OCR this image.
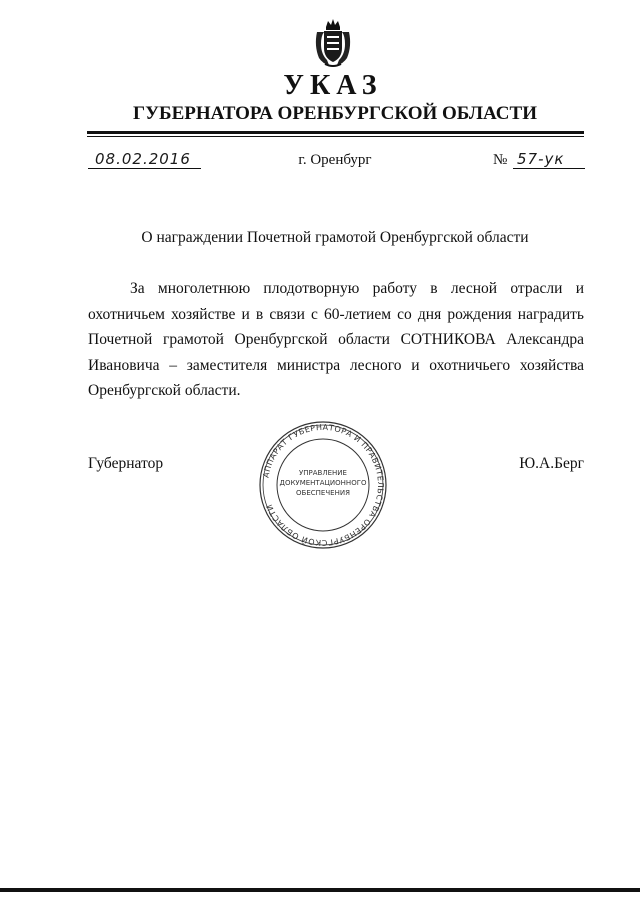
УКАЗ
ГУБЕРНАТОРА ОРЕНБУРГСКОЙ ОБЛАСТИ
08.02.2016	г. Оренбург	№ 57-ук
О награждении Почетной грамотой Оренбургской области
За многолетнюю плодотворную работу в лесной отрасли и охотничьем хозяйстве и в связи с 60-летием со дня рождения наградить Почетной грамотой Оренбургской области СОТНИКОВА Александра Ивановича – заместителя министра лесного и охотничьего хозяйства Оренбургской области.
Губернатор	Ю.А.Берг
АППАРАТ ГУБЕРНАТОРА И ПРАВИТЕЛЬСТВА ОРЕНБУРГСКОЙ ОБЛАСТИ
УПРАВЛЕНИЕ
ДОКУМЕНТАЦИОННОГО
ОБЕСПЕЧЕНИЯ
